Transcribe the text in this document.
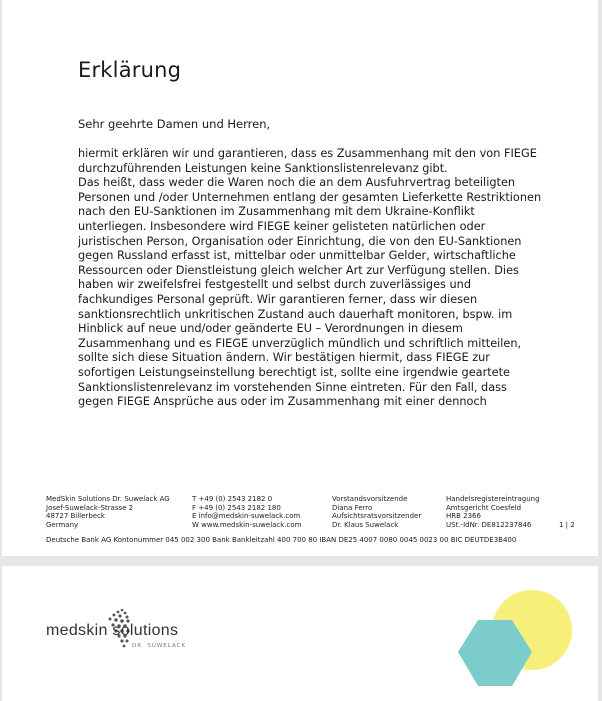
Erklärung
Sehr geehrte Damen und Herren,
hiermit erklären wir und garantieren, dass es Zusammenhang mit den von FIEGE
durchzuführenden Leistungen keine Sanktionslistenrelevanz gibt.
Das heißt, dass weder die Waren noch die an dem Ausfuhrvertrag beteiligten
Personen und /oder Unternehmen entlang der gesamten Lieferkette Restriktionen
nach den EU-Sanktionen im Zusammenhang mit dem Ukraine-Konflikt
unterliegen. Insbesondere wird FIEGE keiner gelisteten natürlichen oder
juristischen Person, Organisation oder Einrichtung, die von den EU-Sanktionen
gegen Russland erfasst ist, mittelbar oder unmittelbar Gelder, wirtschaftliche
Ressourcen oder Dienstleistung gleich welcher Art zur Verfügung stellen. Dies
haben wir zweifelsfrei festgestellt und selbst durch zuverlässiges und
fachkundiges Personal geprüft. Wir garantieren ferner, dass wir diesen
sanktionsrechtlich unkritischen Zustand auch dauerhaft monitoren, bspw. im
Hinblick auf neue und/oder geänderte EU – Verordnungen in diesem
Zusammenhang und es FIEGE unverzüglich mündlich und schriftlich mitteilen,
sollte sich diese Situation ändern. Wir bestätigen hiermit, dass FIEGE zur
sofortigen Leistungseinstellung berechtigt ist, sollte eine irgendwie geartete
Sanktionslistenrelevanz im vorstehenden Sinne eintreten. Für den Fall, dass
gegen FIEGE Ansprüche aus oder im Zusammenhang mit einer dennoch
MedSkin Solutions Dr. Suwelack AG
Josef-Suwelack-Strasse 2
48727 Billerbeck
Germany
T +49 (0) 2543 2182 0
F +49 (0) 2543 2182 180
E info@medskin-suwelack.com
W www.medskin-suwelack.com
Vorstandsvorsitzende
Diana Ferro
Aufsichtsratsvorsitzender
Dr. Klaus Suwelack
Handelsregistereintragung
Amtsgericht Coesfeld
HRB 2366
USt.-IdNr. DE812237846	1 | 2
Deutsche Bank AG Kontonummer 045 002 300 Bank Bankleitzahl 400 700 80 IBAN DE25 4007 0080 0045 0023 00 BIC DEUTDE3B400
medskin solutions
DR. SUWELACK
